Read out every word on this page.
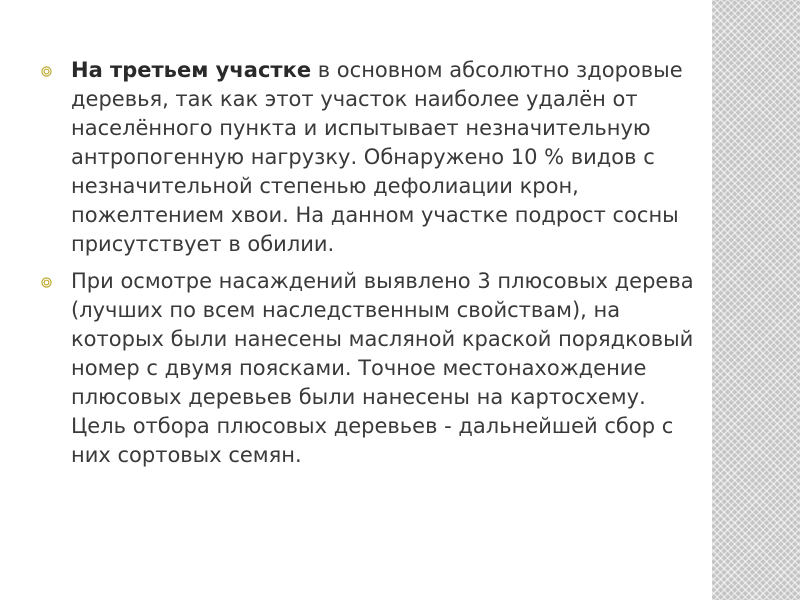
На третьем участке в основном абсолютно здоровые деревья, так как этот участок наиболее удалён от населённого пункта и испытывает незначительную антропогенную нагрузку. Обнаружено 10 % видов с незначительной степенью дефолиации крон, пожелтением хвои. На данном участке подрост сосны присутствует в обилии.
При осмотре насаждений выявлено 3 плюсовых дерева (лучших по всем наследственным свойствам), на которых были нанесены масляной краской порядковый номер с двумя поясками. Точное местонахождение плюсовых деревьев были нанесены на картосхему. Цель отбора плюсовых деревьев - дальнейшей сбор с них сортовых семян.
